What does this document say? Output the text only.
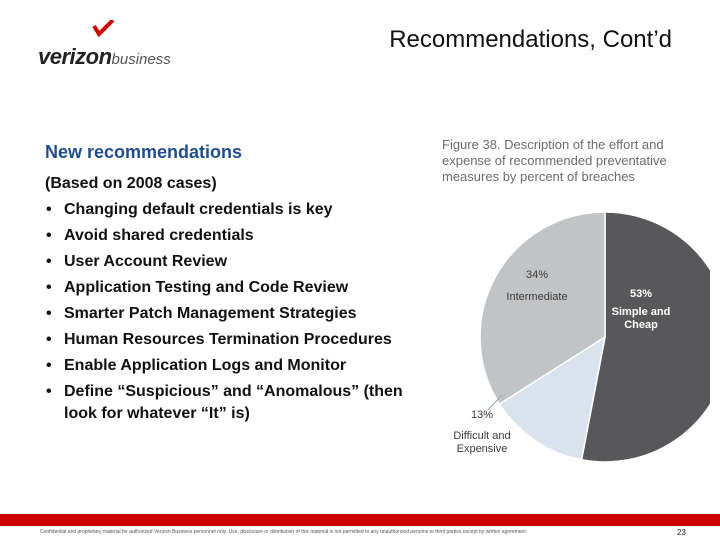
verizonbusiness
Recommendations, Cont’d
New recommendations
(Based on 2008 cases)
• Changing default credentials is key
• Avoid shared credentials
• User Account Review
• Application Testing and Code Review
• Smarter Patch Management Strategies
• Human Resources Termination Procedures
• Enable Application Logs and Monitor
• Define “Suspicious” and “Anomalous” (then look for whatever “It” is)
Figure 38. Description of the effort and expense of recommended preventative measures by percent of breaches
53%
Simple and Cheap
13%
Difficult and Expensive
34%
Intermediate
Confidential and proprietary material for authorized Verizon Business personnel only. Use, disclosure or distribution of this material is not permitted to any unauthorized persons or third parties except by written agreement.	23
